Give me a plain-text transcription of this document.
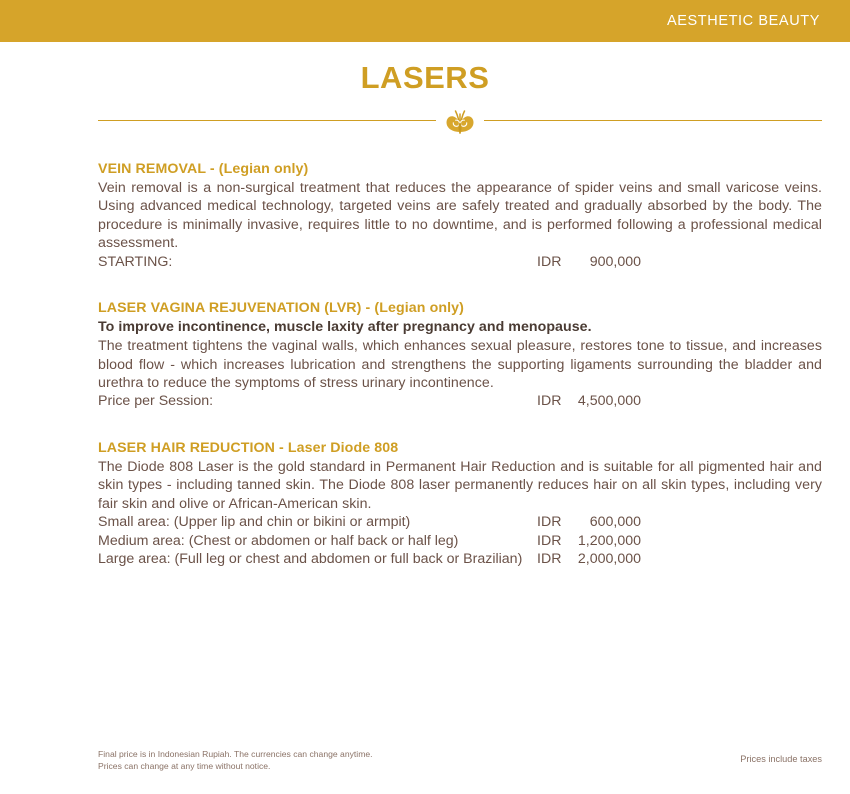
AESTHETIC BEAUTY
LASERS
VEIN REMOVAL - (Legian only)
Vein removal is a non-surgical treatment that reduces the appearance of spider veins and small varicose veins. Using advanced medical technology, targeted veins are safely treated and gradually absorbed by the body. The procedure is minimally invasive, requires little to no downtime, and is performed following a professional medical assessment.
STARTING:	IDR	900,000
LASER VAGINA REJUVENATION (LVR) - (Legian only)
To improve incontinence, muscle laxity after pregnancy and menopause.
The treatment tightens the vaginal walls, which enhances sexual pleasure, restores tone to tissue, and increases blood flow - which increases lubrication and strengthens the supporting ligaments surrounding the bladder and urethra to reduce the symptoms of stress urinary incontinence.
Price per Session:	IDR	4,500,000
LASER HAIR REDUCTION - Laser Diode 808
The Diode 808 Laser is the gold standard in Permanent Hair Reduction and is suitable for all pigmented hair and skin types - including tanned skin. The Diode 808 laser permanently reduces hair on all skin types, including very fair skin and olive or African-American skin.
Small area: (Upper lip and chin or bikini or armpit)	IDR	600,000
Medium area: (Chest or abdomen or half back or half leg)	IDR	1,200,000
Large area: (Full leg or chest and abdomen or full back or Brazilian) IDR	2,000,000
Final price is in Indonesian Rupiah. The currencies can change anytime.
Prices can change at any time without notice.
Prices include taxes
